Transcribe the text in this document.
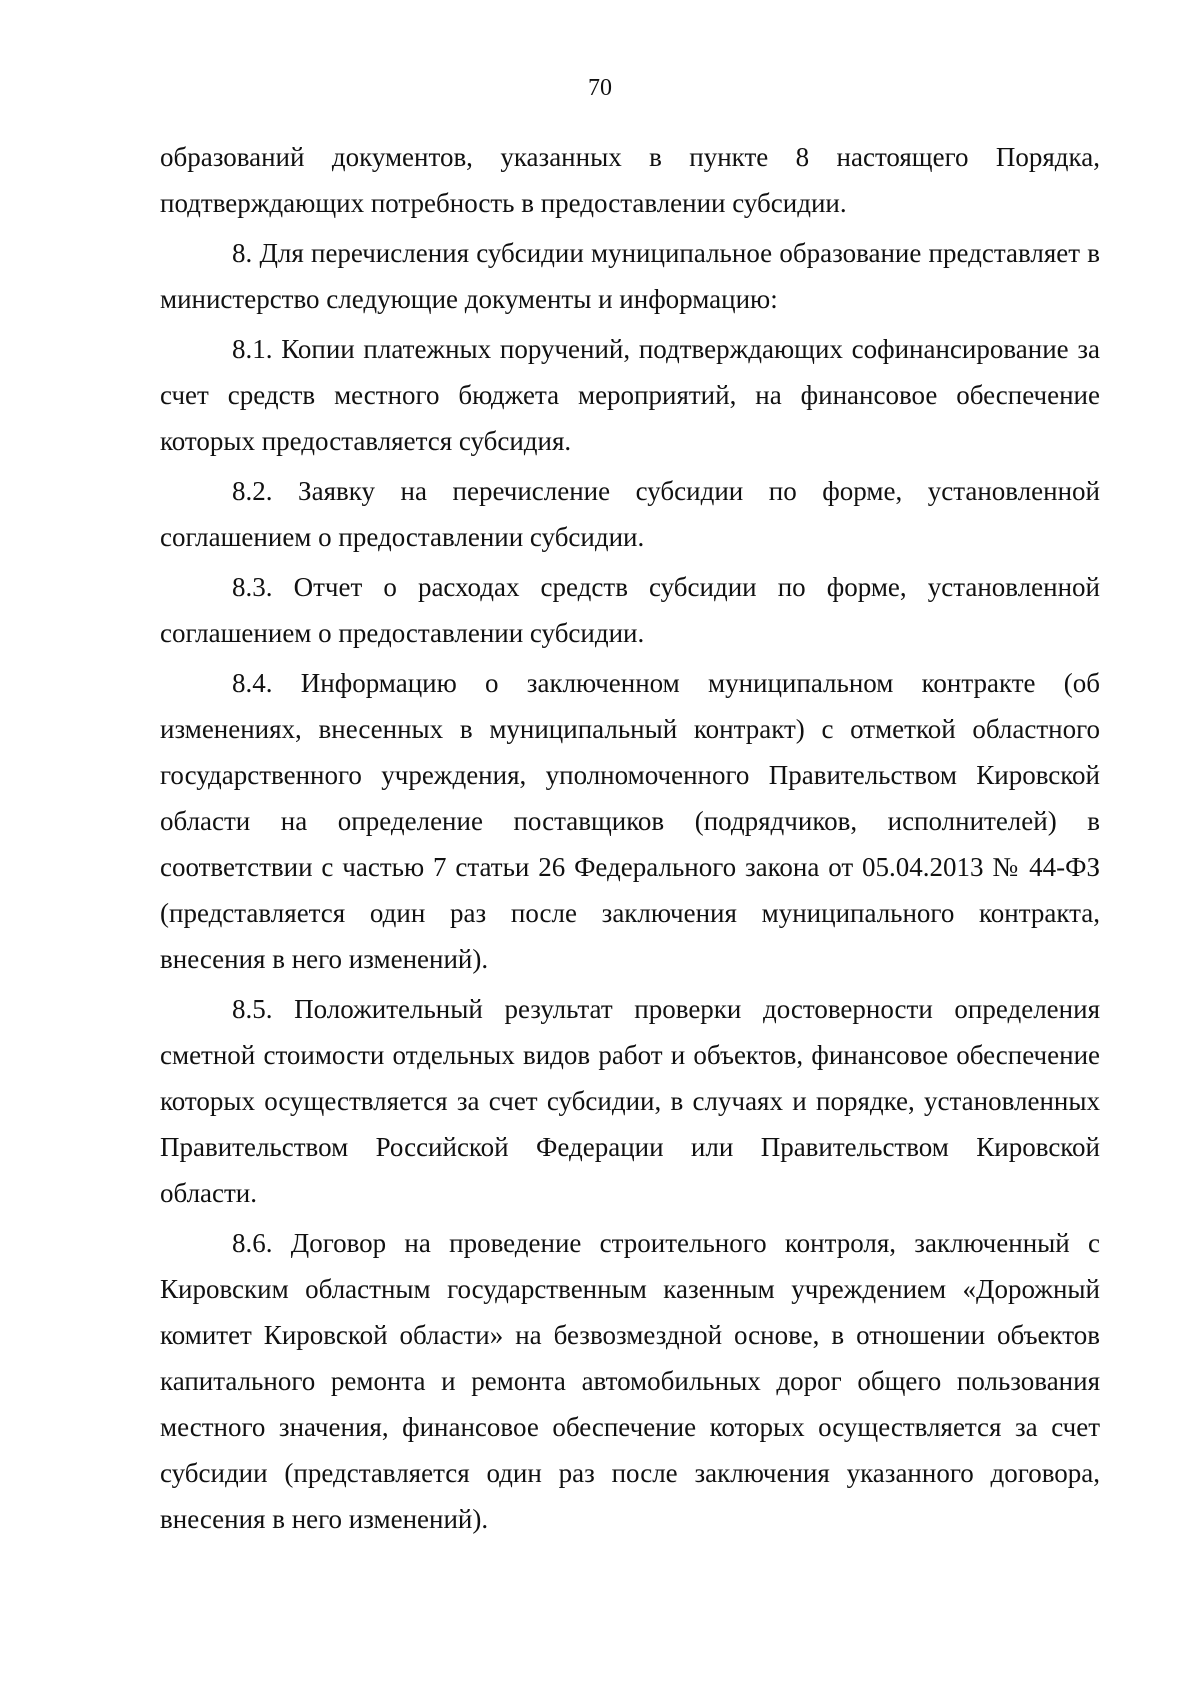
70

образований документов, указанных в пункте 8 настоящего Порядка, подтверждающих потребность в предоставлении субсидии.

8. Для перечисления субсидии муниципальное образование представляет в министерство следующие документы и информацию:

8.1. Копии платежных поручений, подтверждающих софинансирование за счет средств местного бюджета мероприятий, на финансовое обеспечение которых предоставляется субсидия.

8.2. Заявку на перечисление субсидии по форме, установленной соглашением о предоставлении субсидии.

8.3. Отчет о расходах средств субсидии по форме, установленной соглашением о предоставлении субсидии.

8.4. Информацию о заключенном муниципальном контракте (об изменениях, внесенных в муниципальный контракт) с отметкой областного государственного учреждения, уполномоченного Правительством Кировской области на определение поставщиков (подрядчиков, исполнителей) в соответствии с частью 7 статьи 26 Федерального закона от 05.04.2013 № 44-ФЗ (представляется один раз после заключения муниципального контракта, внесения в него изменений).

8.5. Положительный результат проверки достоверности определения сметной стоимости отдельных видов работ и объектов, финансовое обеспечение которых осуществляется за счет субсидии, в случаях и порядке, установленных Правительством Российской Федерации или Правительством Кировской области.

8.6. Договор на проведение строительного контроля, заключенный с Кировским областным государственным казенным учреждением «Дорожный комитет Кировской области» на безвозмездной основе, в отношении объектов капитального ремонта и ремонта автомобильных дорог общего пользования местного значения, финансовое обеспечение которых осуществляется за счет субсидии (представляется один раз после заключения указанного договора, внесения в него изменений).
